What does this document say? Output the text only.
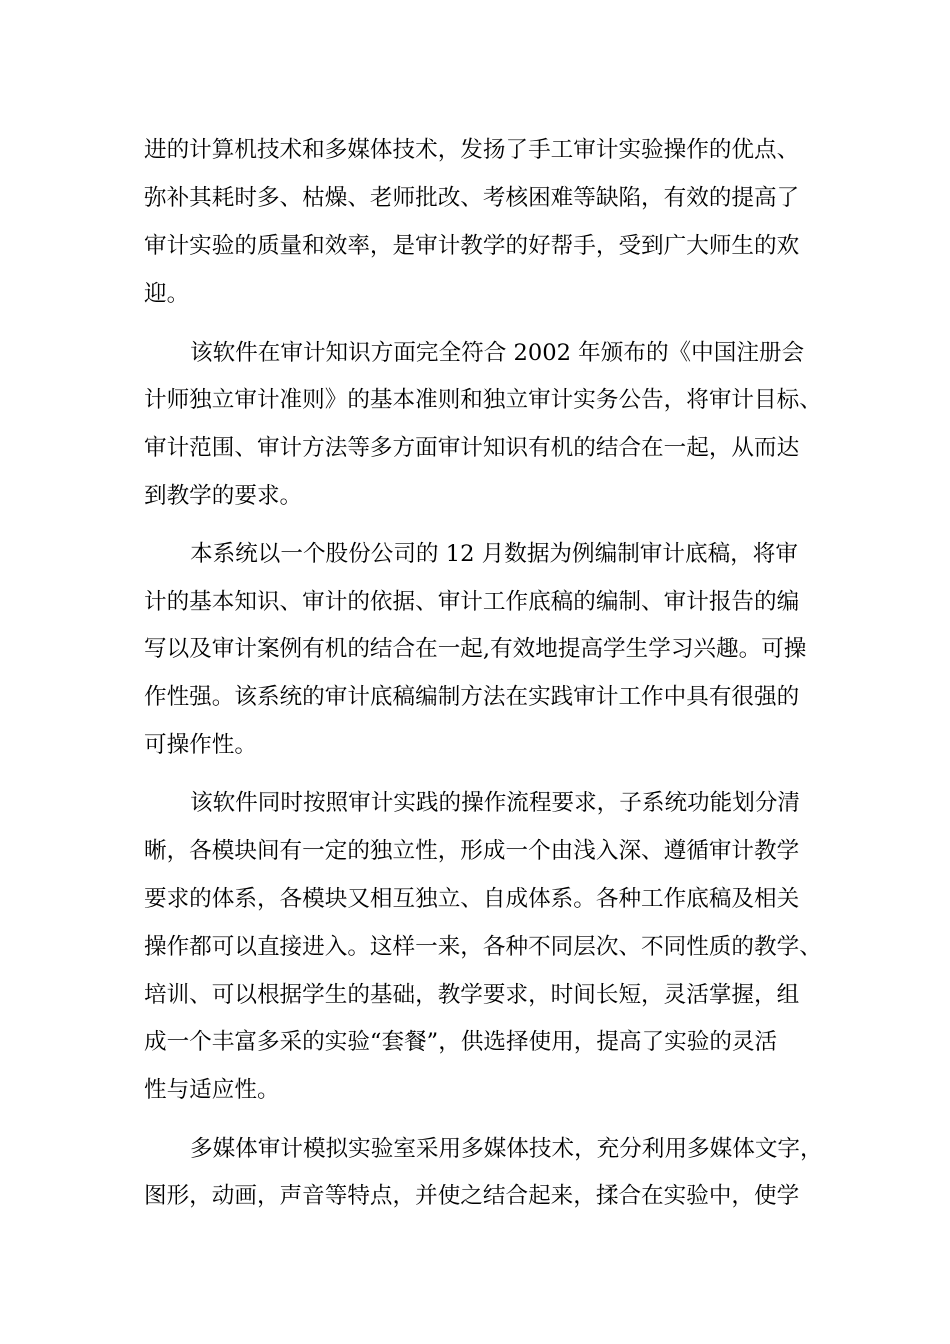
进的计算机技术和多媒体技术，发扬了手工审计实验操作的优点、
弥补其耗时多、枯燥、老师批改、考核困难等缺陷，有效的提高了
审计实验的质量和效率，是审计教学的好帮手，受到广大师生的欢
迎。
该软件在审计知识方面完全符合 2002 年颁布的《中国注册会
计师独立审计准则》的基本准则和独立审计实务公告，将审计目标、
审计范围、审计方法等多方面审计知识有机的结合在一起，从而达
到教学的要求。
本系统以一个股份公司的 12 月数据为例编制审计底稿，将审
计的基本知识、审计的依据、审计工作底稿的编制、审计报告的编
写以及审计案例有机的结合在一起,有效地提高学生学习兴趣。可操
作性强。该系统的审计底稿编制方法在实践审计工作中具有很强的
可操作性。
该软件同时按照审计实践的操作流程要求，子系统功能划分清
晰，各模块间有一定的独立性，形成一个由浅入深、遵循审计教学
要求的体系，各模块又相互独立、自成体系。各种工作底稿及相关
操作都可以直接进入。这样一来，各种不同层次、不同性质的教学、
培训、可以根据学生的基础，教学要求，时间长短，灵活掌握，组
成一个丰富多采的实验“套餐”，供选择使用，提高了实验的灵活
性与适应性。
多媒体审计模拟实验室采用多媒体技术，充分利用多媒体文字，
图形，动画，声音等特点，并使之结合起来，揉合在实验中，使学
